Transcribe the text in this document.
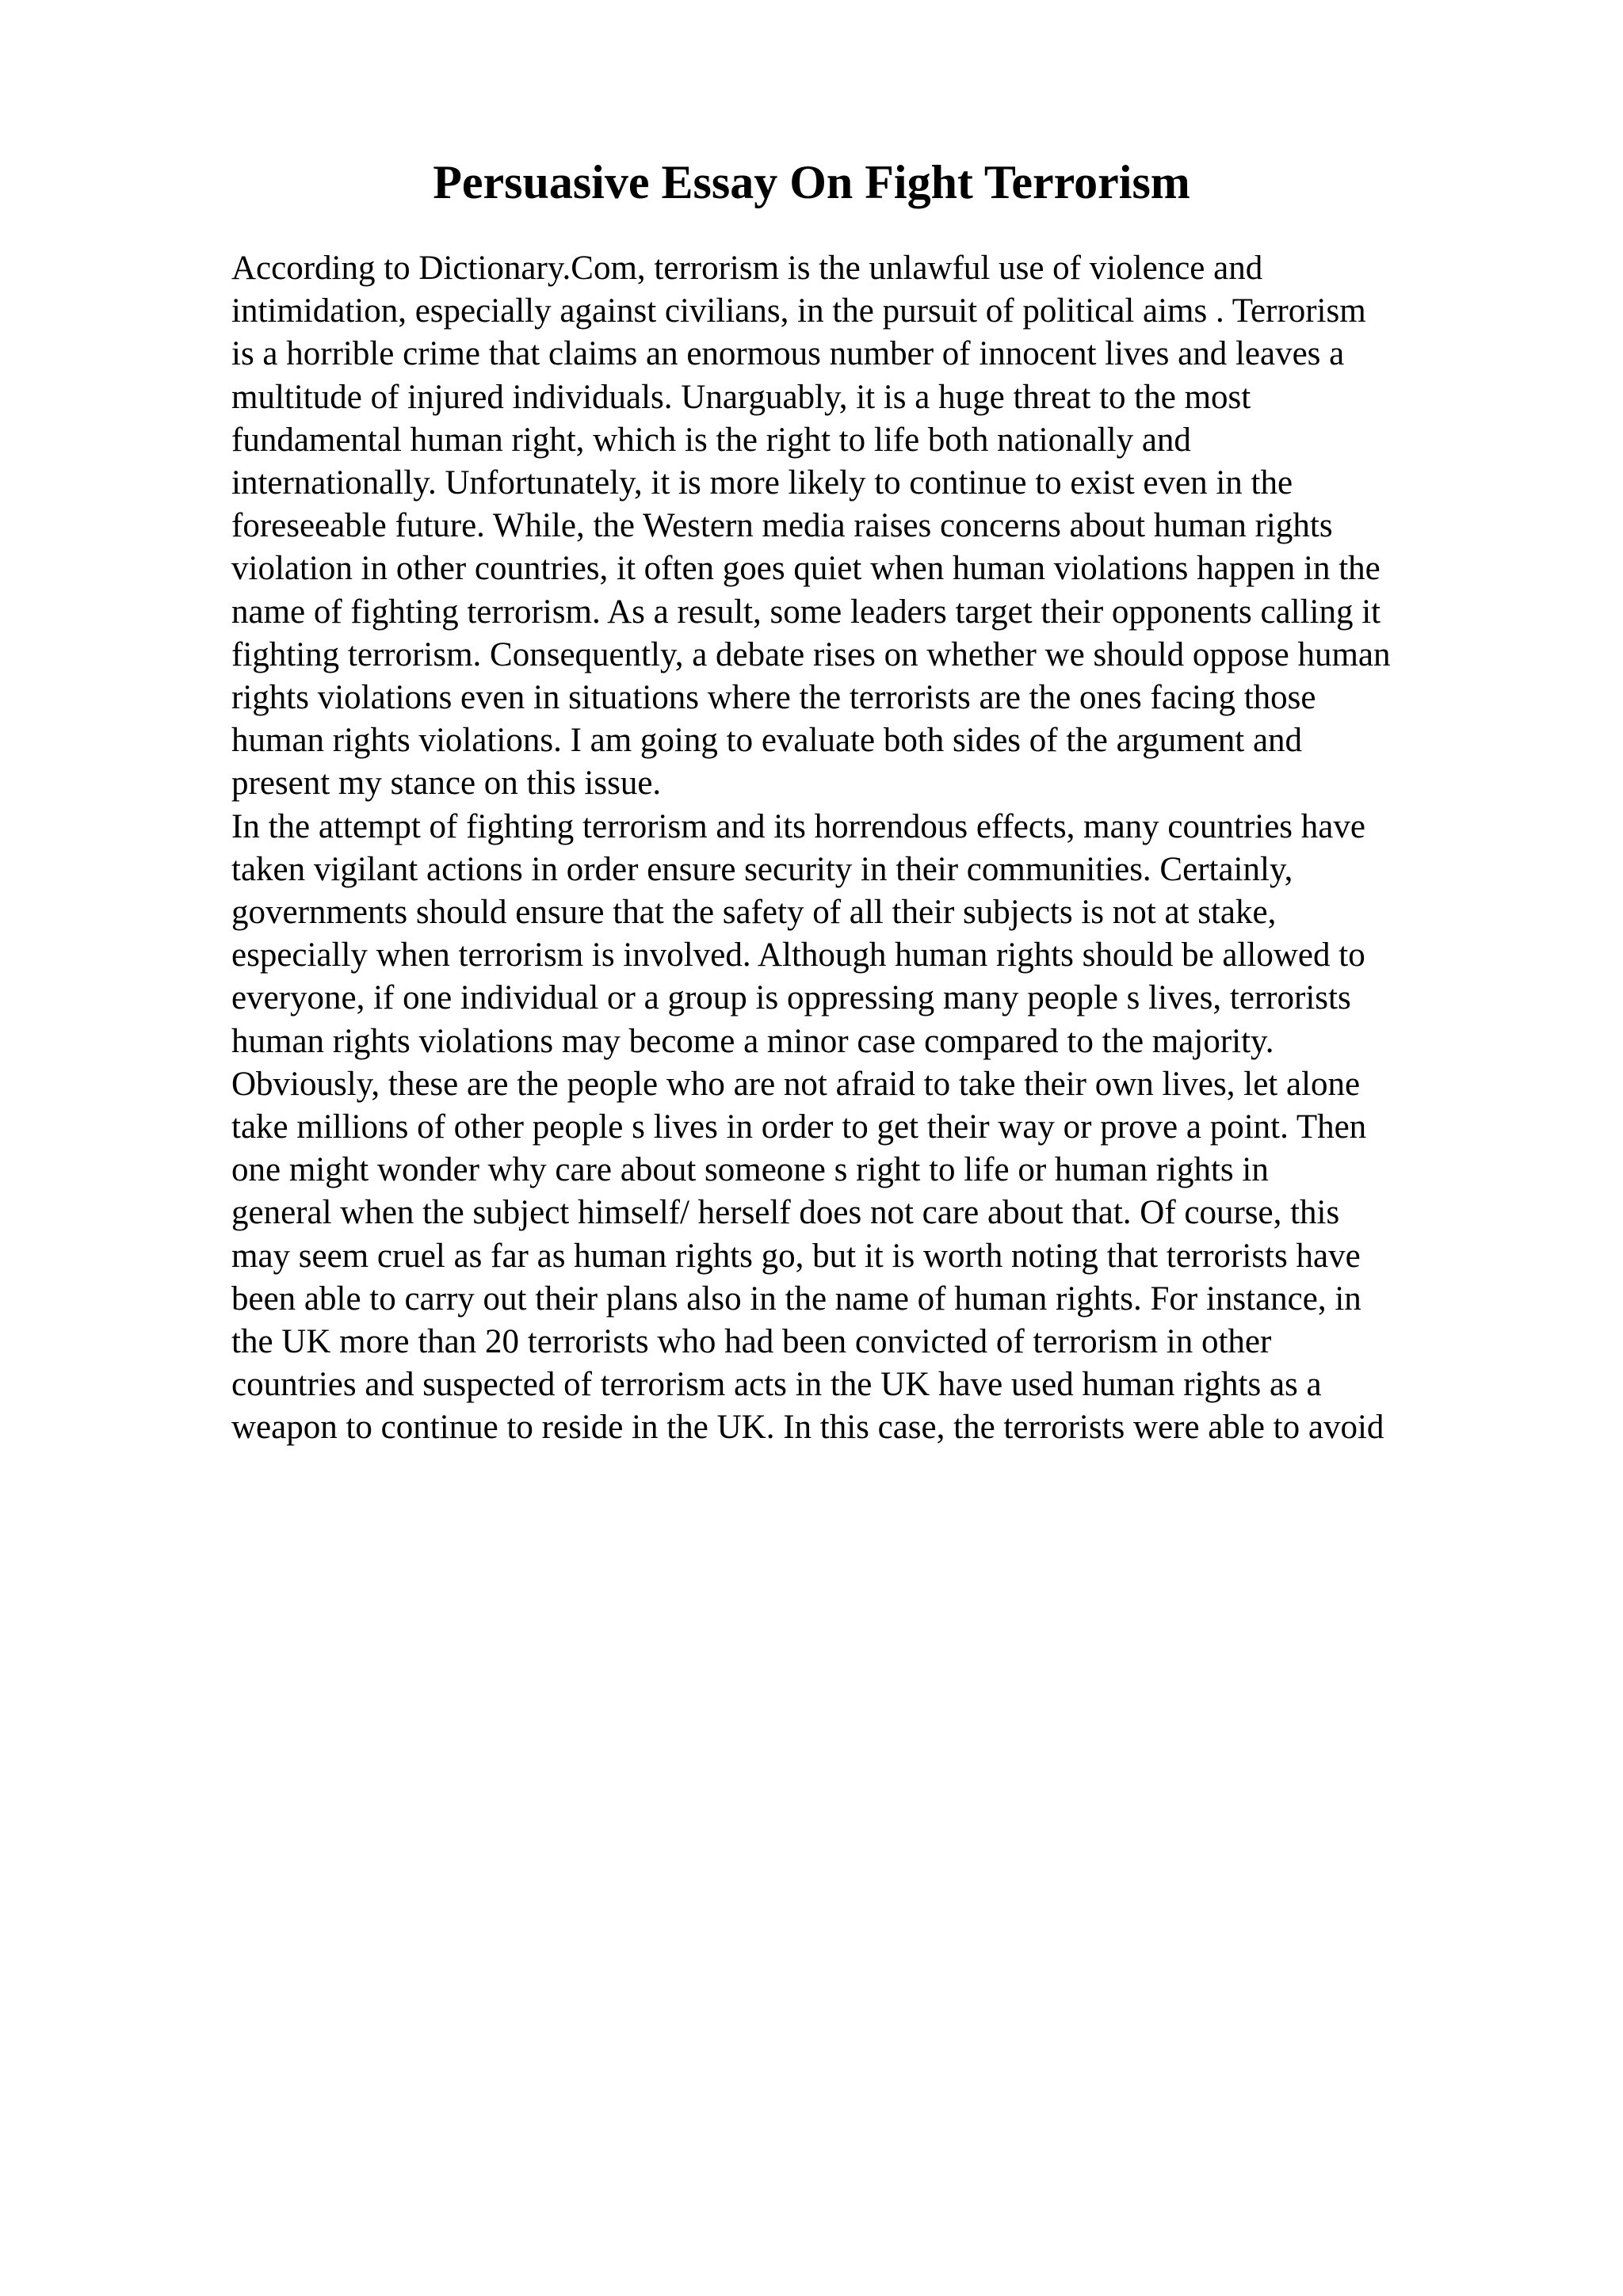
Persuasive Essay On Fight Terrorism
According to Dictionary.Com, terrorism is the unlawful use of violence and
intimidation, especially against civilians, in the pursuit of political aims . Terrorism
is a horrible crime that claims an enormous number of innocent lives and leaves a
multitude of injured individuals. Unarguably, it is a huge threat to the most
fundamental human right, which is the right to life both nationally and
internationally. Unfortunately, it is more likely to continue to exist even in the
foreseeable future. While, the Western media raises concerns about human rights
violation in other countries, it often goes quiet when human violations happen in the
name of fighting terrorism. As a result, some leaders target their opponents calling it
fighting terrorism. Consequently, a debate rises on whether we should oppose human
rights violations even in situations where the terrorists are the ones facing those
human rights violations. I am going to evaluate both sides of the argument and
present my stance on this issue.
In the attempt of fighting terrorism and its horrendous effects, many countries have
taken vigilant actions in order ensure security in their communities. Certainly,
governments should ensure that the safety of all their subjects is not at stake,
especially when terrorism is involved. Although human rights should be allowed to
everyone, if one individual or a group is oppressing many people s lives, terrorists
human rights violations may become a minor case compared to the majority.
Obviously, these are the people who are not afraid to take their own lives, let alone
take millions of other people s lives in order to get their way or prove a point. Then
one might wonder why care about someone s right to life or human rights in
general when the subject himself/ herself does not care about that. Of course, this
may seem cruel as far as human rights go, but it is worth noting that terrorists have
been able to carry out their plans also in the name of human rights. For instance, in
the UK more than 20 terrorists who had been convicted of terrorism in other
countries and suspected of terrorism acts in the UK have used human rights as a
weapon to continue to reside in the UK. In this case, the terrorists were able to avoid
